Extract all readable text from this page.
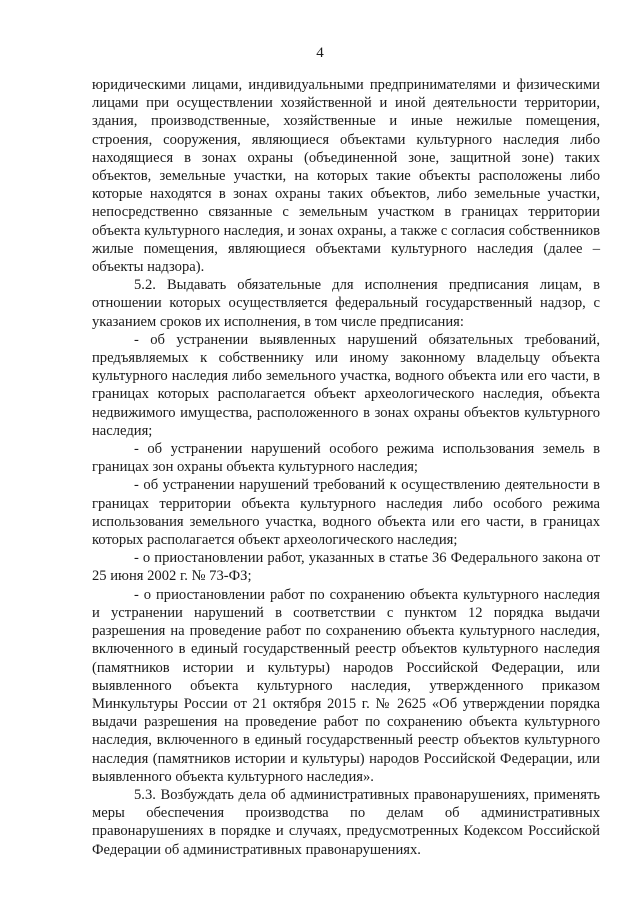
4

юридическими лицами, индивидуальными предпринимателями и физическими лицами при осуществлении хозяйственной и иной деятельности территории, здания, производственные, хозяйственные и иные нежилые помещения, строения, сооружения, являющиеся объектами культурного наследия либо находящиеся в зонах охраны (объединенной зоне, защитной зоне) таких объектов, земельные участки, на которых такие объекты расположены либо которые находятся в зонах охраны таких объектов, либо земельные участки, непосредственно связанные с земельным участком в границах территории объекта культурного наследия, и зонах охраны, а также с согласия собственников жилые помещения, являющиеся объектами культурного наследия (далее – объекты надзора).

5.2. Выдавать обязательные для исполнения предписания лицам, в отношении которых осуществляется федеральный государственный надзор, с указанием сроков их исполнения, в том числе предписания:

- об устранении выявленных нарушений обязательных требований, предъявляемых к собственнику или иному законному владельцу объекта культурного наследия либо земельного участка, водного объекта или его части, в границах которых располагается объект археологического наследия, объекта недвижимого имущества, расположенного в зонах охраны объектов культурного наследия;

- об устранении нарушений особого режима использования земель в границах зон охраны объекта культурного наследия;

- об устранении нарушений требований к осуществлению деятельности в границах территории объекта культурного наследия либо особого режима использования земельного участка, водного объекта или его части, в границах которых располагается объект археологического наследия;

- о приостановлении работ, указанных в статье 36 Федерального закона от 25 июня 2002 г. № 73-ФЗ;

- о приостановлении работ по сохранению объекта культурного наследия и устранении нарушений в соответствии с пунктом 12 порядка выдачи разрешения на проведение работ по сохранению объекта культурного наследия, включенного в единый государственный реестр объектов культурного наследия (памятников истории и культуры) народов Российской Федерации, или выявленного объекта культурного наследия, утвержденного приказом Минкультуры России от 21 октября 2015 г. № 2625 «Об утверждении порядка выдачи разрешения на проведение работ по сохранению объекта культурного наследия, включенного в единый государственный реестр объектов культурного наследия (памятников истории и культуры) народов Российской Федерации, или выявленного объекта культурного наследия».

5.3. Возбуждать дела об административных правонарушениях, применять меры обеспечения производства по делам об административных правонарушениях в порядке и случаях, предусмотренных Кодексом Российской Федерации об административных правонарушениях.
